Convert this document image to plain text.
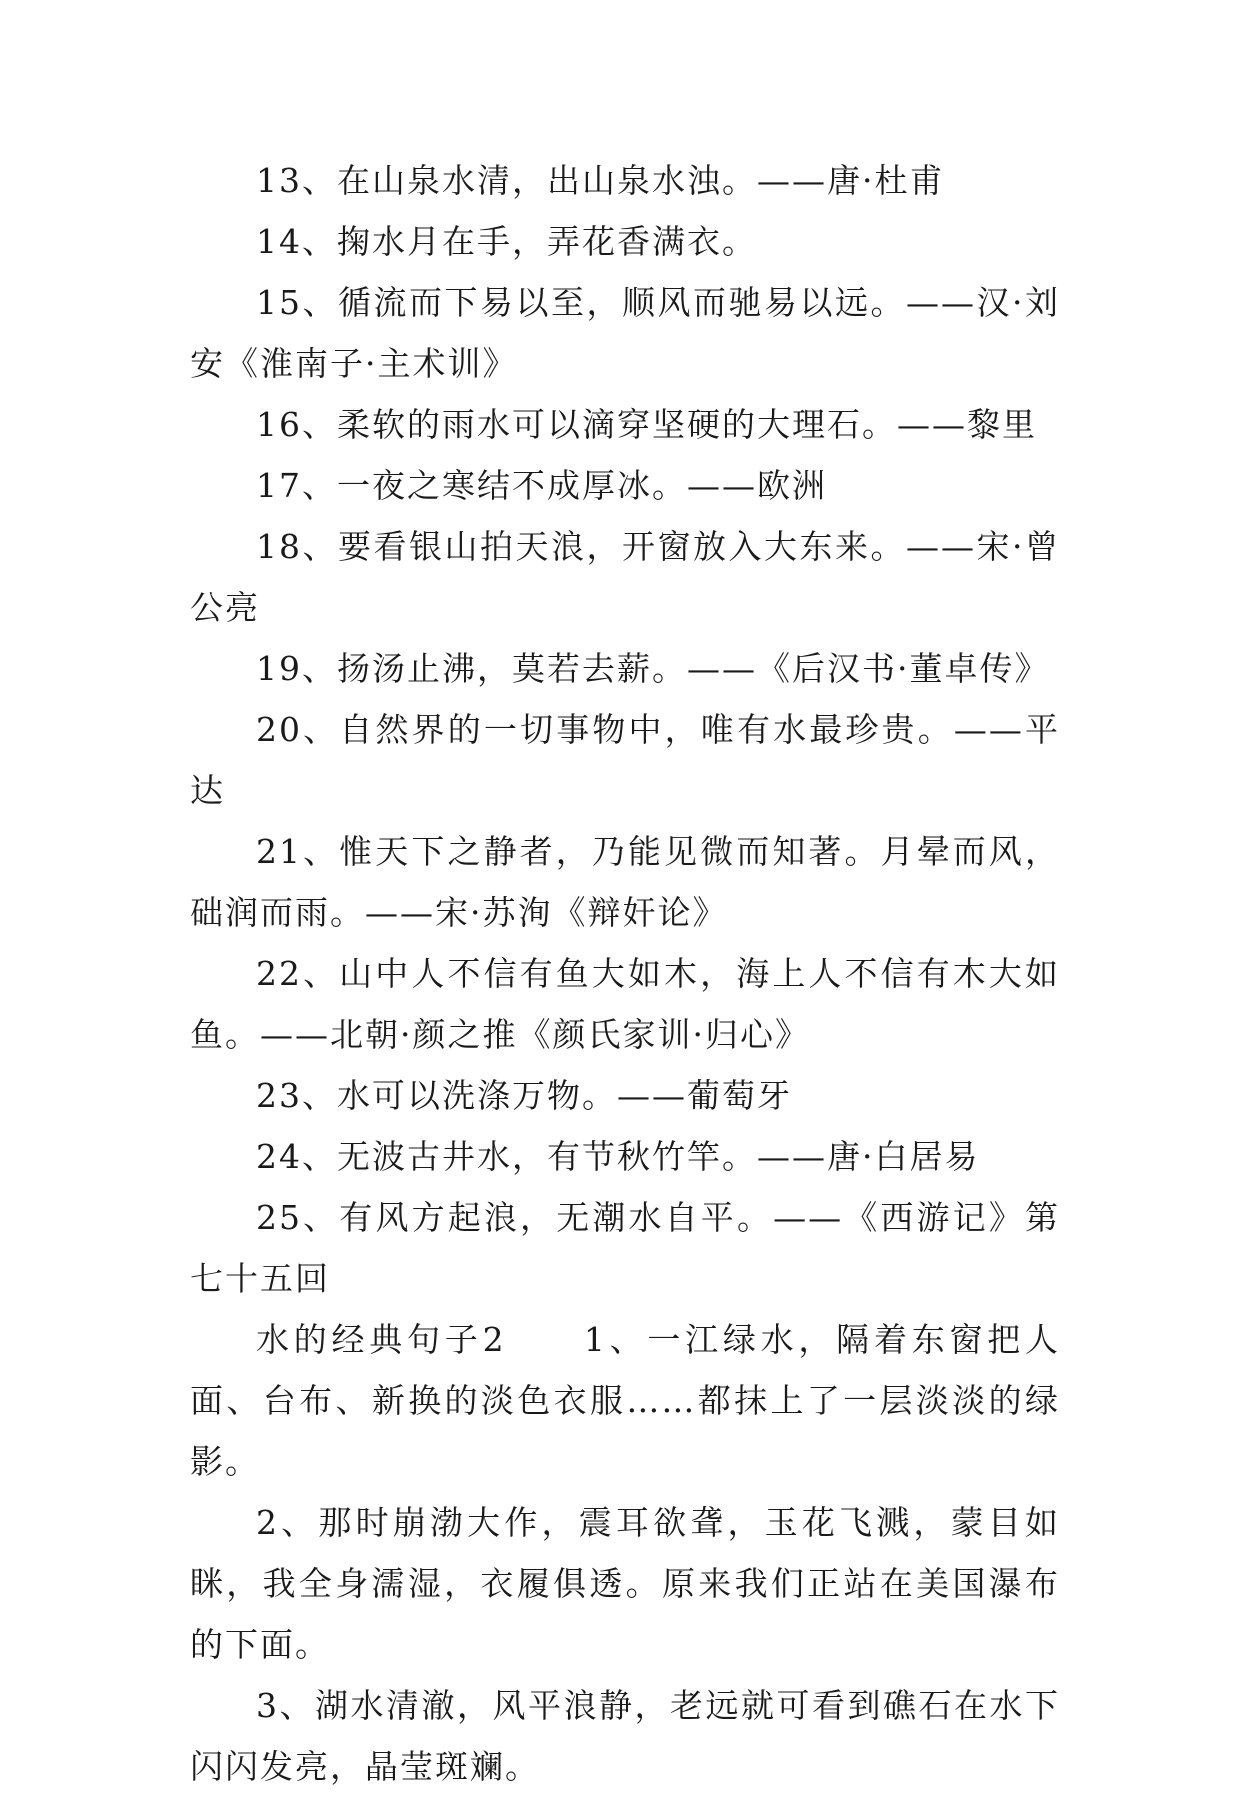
13、在山泉水清，出山泉水浊。——唐·杜甫

14、掬水月在手，弄花香满衣。

15、循流而下易以至，顺风而驰易以远。——汉·刘安《淮南子·主术训》

16、柔软的雨水可以滴穿坚硬的大理石。——黎里

17、一夜之寒结不成厚冰。——欧洲

18、要看银山拍天浪，开窗放入大东来。——宋·曾公亮

19、扬汤止沸，莫若去薪。——《后汉书·董卓传》

20、自然界的一切事物中，唯有水最珍贵。——平达

21、惟天下之静者，乃能见微而知著。月晕而风，础润而雨。——宋·苏洵《辩奸论》

22、山中人不信有鱼大如木，海上人不信有木大如鱼。——北朝·颜之推《颜氏家训·归心》

23、水可以洗涤万物。——葡萄牙

24、无波古井水，有节秋竹竿。——唐·白居易

25、有风方起浪，无潮水自平。——《西游记》第七十五回

水的经典句子2　　1、一江绿水，隔着东窗把人面、台布、新换的淡色衣服……都抹上了一层淡淡的绿影。

2、那时崩渤大作，震耳欲聋，玉花飞溅，蒙目如眯，我全身濡湿，衣履俱透。原来我们正站在美国瀑布的下面。

3、湖水清澈，风平浪静，老远就可看到礁石在水下闪闪发亮，晶莹斑斓。
